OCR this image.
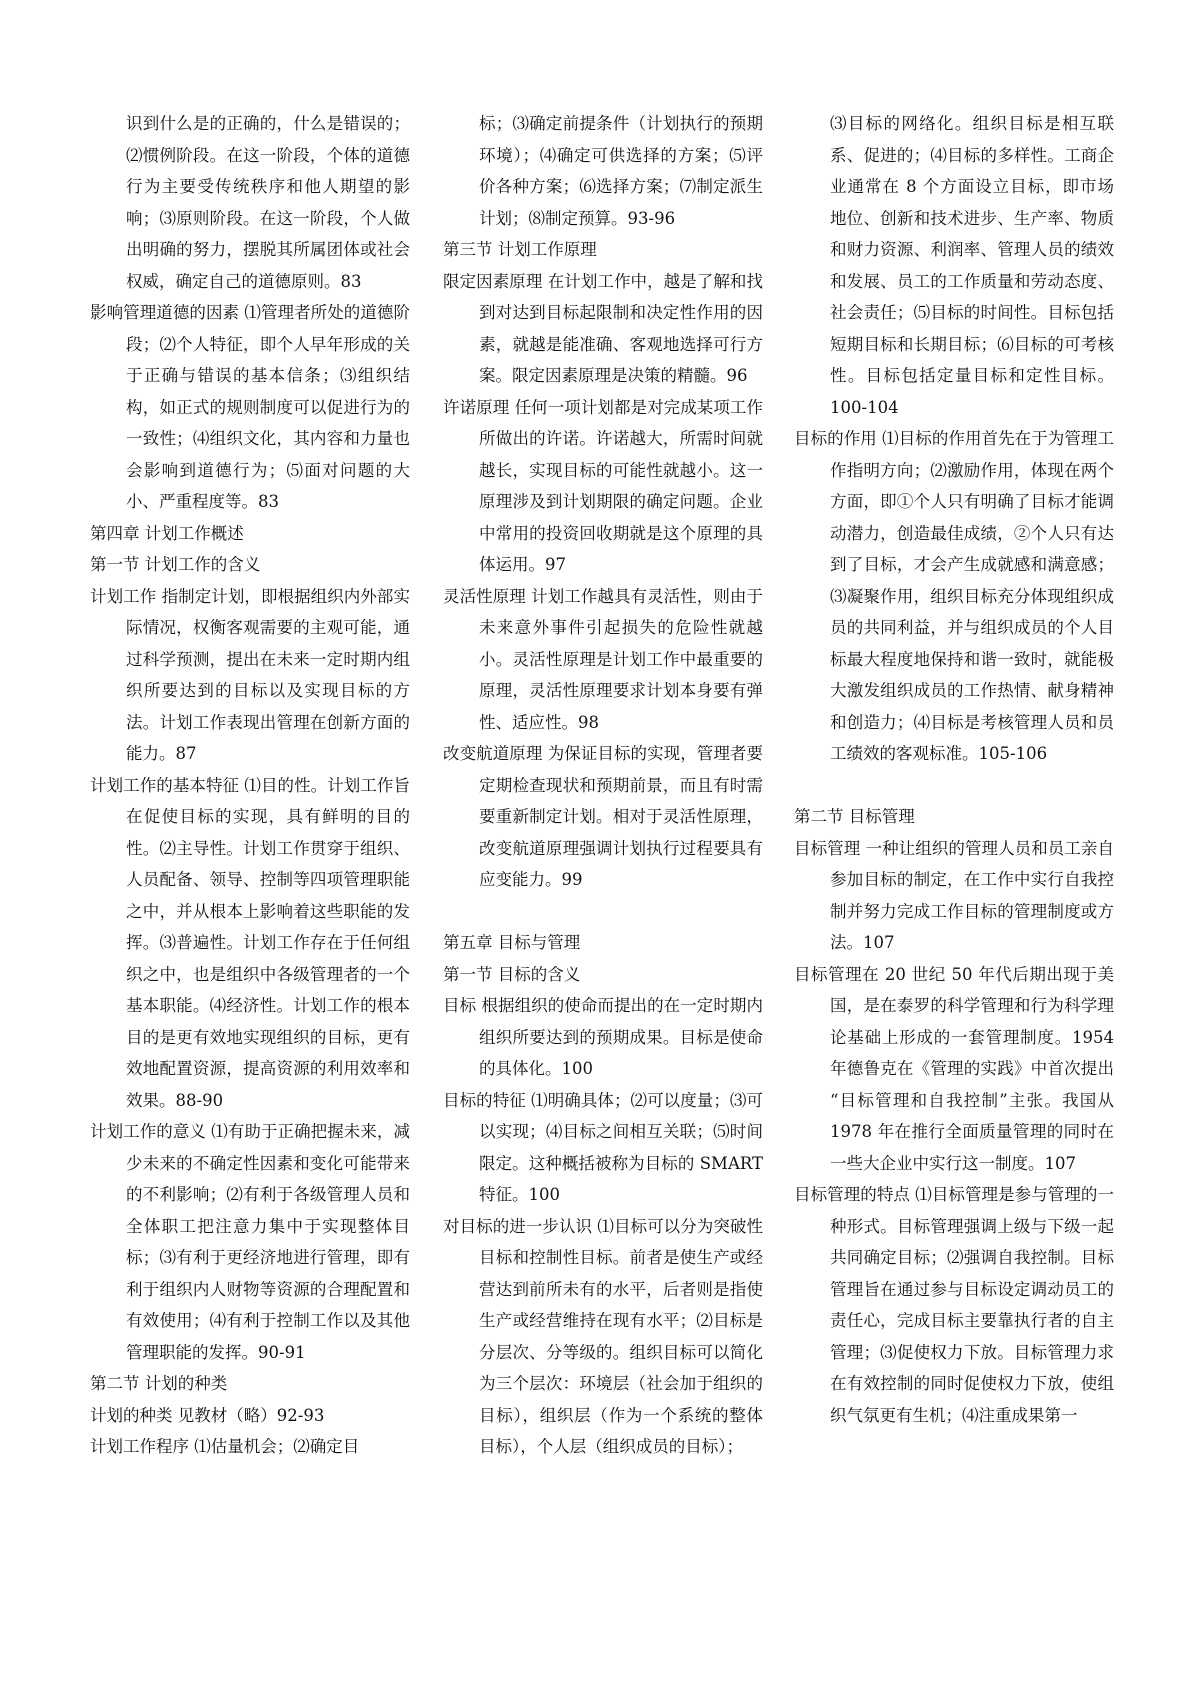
识到什么是的正确的，什么是错误的；⑵惯例阶段。在这一阶段，个体的道德行为主要受传统秩序和他人期望的影响；⑶原则阶段。在这一阶段，个人做出明确的努力，摆脱其所属团体或社会权威，确定自己的道德原则。83

影响管理道德的因素 ⑴管理者所处的道德阶段；⑵个人特征，即个人早年形成的关于正确与错误的基本信条；⑶组织结构，如正式的规则制度可以促进行为的一致性；⑷组织文化，其内容和力量也会影响到道德行为；⑸面对问题的大小、严重程度等。83

第四章 计划工作概述

第一节 计划工作的含义

计划工作 指制定计划，即根据组织内外部实际情况，权衡客观需要的主观可能，通过科学预测，提出在未来一定时期内组织所要达到的目标以及实现目标的方法。计划工作表现出管理在创新方面的能力。87

计划工作的基本特征 ⑴目的性。计划工作旨在促使目标的实现，具有鲜明的目的性。⑵主导性。计划工作贯穿于组织、人员配备、领导、控制等四项管理职能之中，并从根本上影响着这些职能的发挥。⑶普遍性。计划工作存在于任何组织之中，也是组织中各级管理者的一个基本职能。⑷经济性。计划工作的根本目的是更有效地实现组织的目标，更有效地配置资源，提高资源的利用效率和效果。88-90

计划工作的意义 ⑴有助于正确把握未来，减少未来的不确定性因素和变化可能带来的不利影响；⑵有利于各级管理人员和全体职工把注意力集中于实现整体目标；⑶有利于更经济地进行管理，即有利于组织内人财物等资源的合理配置和有效使用；⑷有利于控制工作以及其他管理职能的发挥。90-91

第二节 计划的种类

计划的种类 见教材（略）92-93

计划工作程序 ⑴估量机会；⑵确定目

标；⑶确定前提条件（计划执行的预期环境）；⑷确定可供选择的方案；⑸评价各种方案；⑹选择方案；⑺制定派生计划；⑻制定预算。93-96

第三节 计划工作原理

限定因素原理 在计划工作中，越是了解和找到对达到目标起限制和决定性作用的因素，就越是能准确、客观地选择可行方案。限定因素原理是决策的精髓。96

许诺原理 任何一项计划都是对完成某项工作所做出的许诺。许诺越大，所需时间就越长，实现目标的可能性就越小。这一原理涉及到计划期限的确定问题。企业中常用的投资回收期就是这个原理的具体运用。97

灵活性原理 计划工作越具有灵活性，则由于未来意外事件引起损失的危险性就越小。灵活性原理是计划工作中最重要的原理，灵活性原理要求计划本身要有弹性、适应性。98

改变航道原理 为保证目标的实现，管理者要定期检查现状和预期前景，而且有时需要重新制定计划。相对于灵活性原理，改变航道原理强调计划执行过程要具有应变能力。99

第五章 目标与管理

第一节 目标的含义

目标 根据组织的使命而提出的在一定时期内组织所要达到的预期成果。目标是使命的具体化。100

目标的特征 ⑴明确具体；⑵可以度量；⑶可以实现；⑷目标之间相互关联；⑸时间限定。这种概括被称为目标的 SMART　特征。100

对目标的进一步认识 ⑴目标可以分为突破性目标和控制性目标。前者是使生产或经营达到前所未有的水平，后者则是指使生产或经营维持在现有水平；⑵目标是分层次、分等级的。组织目标可以简化为三个层次：环境层（社会加于组织的目标），组织层（作为一个系统的整体目标），个人层（组织成员的目标）；

⑶目标的网络化。组织目标是相互联系、促进的；⑷目标的多样性。工商企业通常在 8 个方面设立目标，即市场地位、创新和技术进步、生产率、物质和财力资源、利润率、管理人员的绩效和发展、员工的工作质量和劳动态度、社会责任；⑸目标的时间性。目标包括短期目标和长期目标；⑹目标的可考核性。目标包括定量目标和定性目标。100-104

目标的作用 ⑴目标的作用首先在于为管理工作指明方向；⑵激励作用，体现在两个方面，即①个人只有明确了目标才能调动潜力，创造最佳成绩，②个人只有达到了目标，才会产生成就感和满意感；⑶凝聚作用，组织目标充分体现组织成员的共同利益，并与组织成员的个人目标最大程度地保持和谐一致时，就能极大激发组织成员的工作热情、献身精神和创造力；⑷目标是考核管理人员和员工绩效的客观标准。105-106

第二节 目标管理

目标管理 一种让组织的管理人员和员工亲自参加目标的制定，在工作中实行自我控制并努力完成工作目标的管理制度或方法。107

目标管理在 20 世纪 50 年代后期出现于美国，是在泰罗的科学管理和行为科学理论基础上形成的一套管理制度。1954 年德鲁克在《管理的实践》中首次提出 “目标管理和自我控制”主张。我国从 1978 年在推行全面质量管理的同时在一些大企业中实行这一制度。107

目标管理的特点 ⑴目标管理是参与管理的一种形式。目标管理强调上级与下级一起共同确定目标；⑵强调自我控制。目标管理旨在通过参与目标设定调动员工的责任心，完成目标主要靠执行者的自主管理；⑶促使权力下放。目标管理力求在有效控制的同时促使权力下放，使组织气氛更有生机；⑷注重成果第一
